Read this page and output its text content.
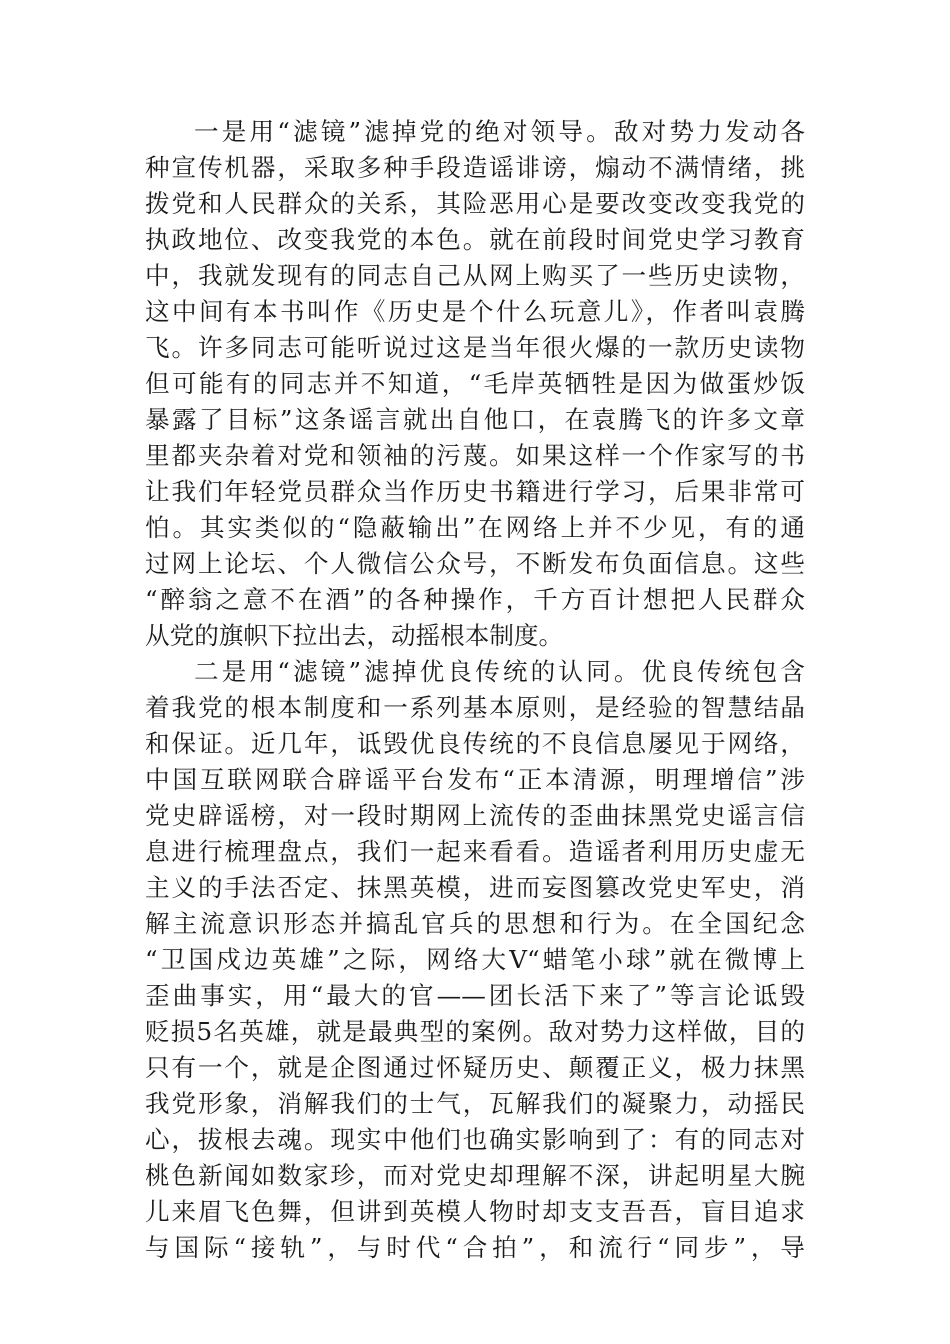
一是用“滤镜”滤掉党的绝对领导。敌对势力发动各
种宣传机器，采取多种手段造谣诽谤，煽动不满情绪，挑
拨党和人民群众的关系，其险恶用心是要改变改变我党的
执政地位、改变我党的本色。就在前段时间党史学习教育
中，我就发现有的同志自己从网上购买了一些历史读物，
这中间有本书叫作《历史是个什么玩意儿》，作者叫袁腾
飞。许多同志可能听说过这是当年很火爆的一款历史读物
但可能有的同志并不知道，“毛岸英牺牲是因为做蛋炒饭
暴露了目标”这条谣言就出自他口，在袁腾飞的许多文章
里都夹杂着对党和领袖的污蔑。如果这样一个作家写的书
让我们年轻党员群众当作历史书籍进行学习，后果非常可
怕。其实类似的“隐蔽输出”在网络上并不少见，有的通
过网上论坛、个人微信公众号，不断发布负面信息。这些
“醉翁之意不在酒”的各种操作，千方百计想把人民群众
从党的旗帜下拉出去，动摇根本制度。
二是用“滤镜”滤掉优良传统的认同。优良传统包含
着我党的根本制度和一系列基本原则，是经验的智慧结晶
和保证。近几年，诋毁优良传统的不良信息屡见于网络，
中国互联网联合辟谣平台发布“正本清源，明理增信”涉
党史辟谣榜，对一段时期网上流传的歪曲抹黑党史谣言信
息进行梳理盘点，我们一起来看看。造谣者利用历史虚无
主义的手法否定、抹黑英模，进而妄图篡改党史军史，消
解主流意识形态并搞乱官兵的思想和行为。在全国纪念
“卫国戍边英雄”之际，网络大V“蜡笔小球”就在微博上
歪曲事实，用“最大的官——团长活下来了”等言论诋毁
贬损5名英雄，就是最典型的案例。敌对势力这样做，目的
只有一个，就是企图通过怀疑历史、颠覆正义，极力抹黑
我党形象，消解我们的士气，瓦解我们的凝聚力，动摇民
心，拔根去魂。现实中他们也确实影响到了：有的同志对
桃色新闻如数家珍，而对党史却理解不深，讲起明星大腕
儿来眉飞色舞，但讲到英模人物时却支支吾吾，盲目追求
与国际“接轨”，与时代“合拍”，和流行“同步”，导
